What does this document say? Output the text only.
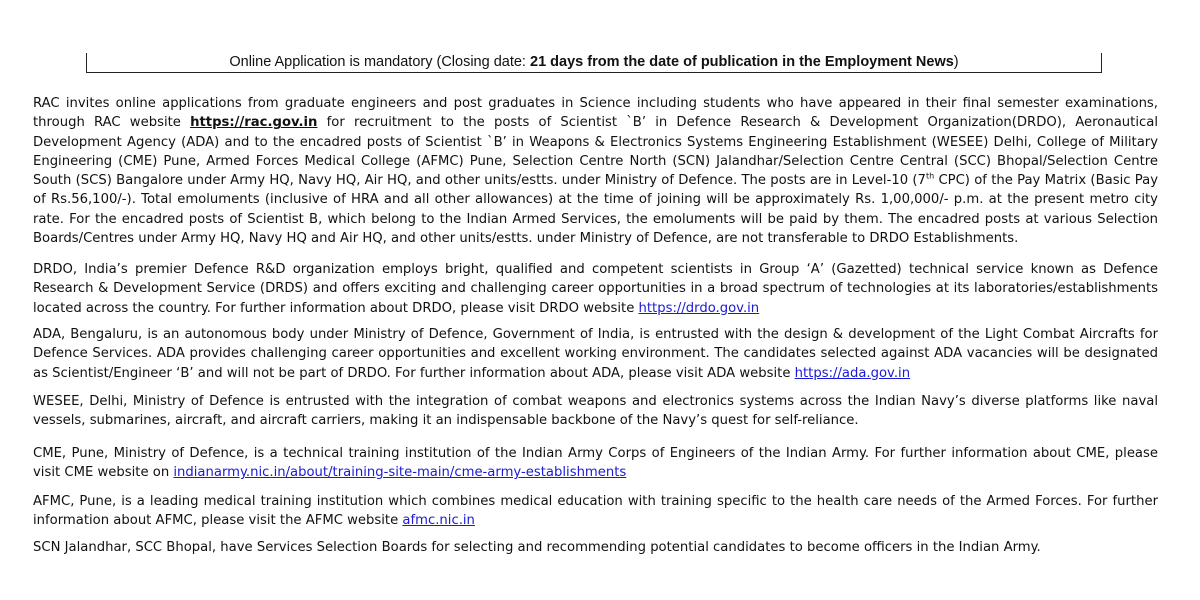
Online Application is mandatory (Closing date: 21 days from the date of publication in the Employment News)

RAC invites online applications from graduate engineers and post graduates in Science including students who have appeared in their final semester examinations, through RAC website https://rac.gov.in for recruitment to the posts of Scientist `B’ in Defence Research & Development Organization(DRDO), Aeronautical Development Agency (ADA) and to the encadred posts of Scientist `B’ in Weapons & Electronics Systems Engineering Establishment (WESEE) Delhi, College of Military Engineering (CME) Pune, Armed Forces Medical College (AFMC) Pune, Selection Centre North (SCN) Jalandhar/Selection Centre Central (SCC) Bhopal/Selection Centre South (SCS) Bangalore under Army HQ, Navy HQ, Air HQ, and other units/estts. under Ministry of Defence. The posts are in Level-10 (7th CPC) of the Pay Matrix (Basic Pay of Rs.56,100/-). Total emoluments (inclusive of HRA and all other allowances) at the time of joining will be approximately Rs. 1,00,000/- p.m. at the present metro city rate. For the encadred posts of Scientist B, which belong to the Indian Armed Services, the emoluments will be paid by them. The encadred posts at various Selection Boards/Centres under Army HQ, Navy HQ and Air HQ, and other units/estts. under Ministry of Defence, are not transferable to DRDO Establishments.

DRDO, India’s premier Defence R&D organization employs bright, qualified and competent scientists in Group ‘A’ (Gazetted) technical service known as Defence Research & Development Service (DRDS) and offers exciting and challenging career opportunities in a broad spectrum of technologies at its laboratories/establishments located across the country. For further information about DRDO, please visit DRDO website https://drdo.gov.in

ADA, Bengaluru, is an autonomous body under Ministry of Defence, Government of India, is entrusted with the design & development of the Light Combat Aircrafts for Defence Services. ADA provides challenging career opportunities and excellent working environment. The candidates selected against ADA vacancies will be designated as Scientist/Engineer ‘B’ and will not be part of DRDO. For further information about ADA, please visit ADA website https://ada.gov.in

WESEE, Delhi, Ministry of Defence is entrusted with the integration of combat weapons and electronics systems across the Indian Navy’s diverse platforms like naval vessels, submarines, aircraft, and aircraft carriers, making it an indispensable backbone of the Navy’s quest for self-reliance.

CME, Pune, Ministry of Defence, is a technical training institution of the Indian Army Corps of Engineers of the Indian Army. For further information about CME, please visit CME website on indianarmy.nic.in/about/training-site-main/cme-army-establishments

AFMC, Pune, is a leading medical training institution which combines medical education with training specific to the health care needs of the Armed Forces. For further information about AFMC, please visit the AFMC website afmc.nic.in

SCN Jalandhar, SCC Bhopal, have Services Selection Boards for selecting and recommending potential candidates to become officers in the Indian Army.
